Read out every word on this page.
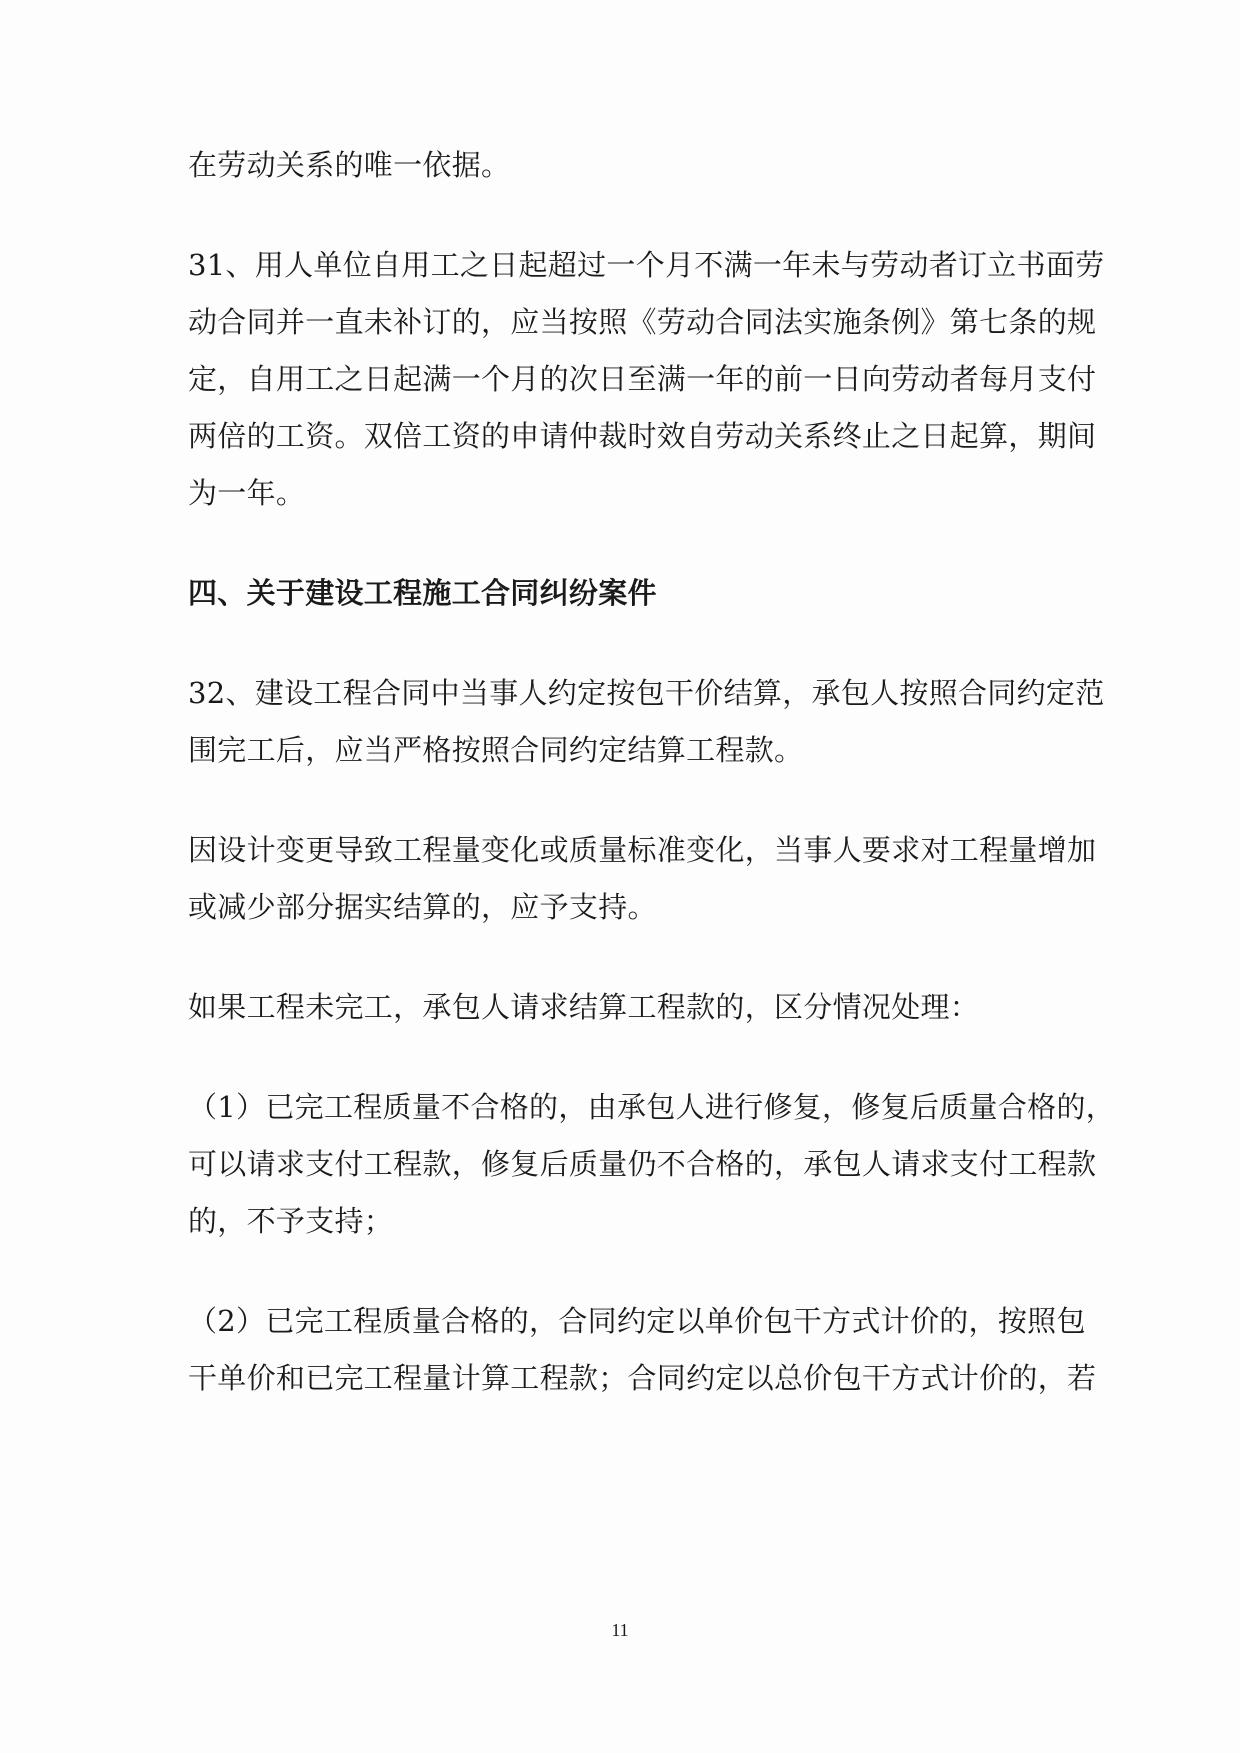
在劳动关系的唯一依据。
31、用人单位自用工之日起超过一个月不满一年未与劳动者订立书面劳
动合同并一直未补订的，应当按照《劳动合同法实施条例》第七条的规
定，自用工之日起满一个月的次日至满一年的前一日向劳动者每月支付
两倍的工资。双倍工资的申请仲裁时效自劳动关系终止之日起算，期间
为一年。
四、关于建设工程施工合同纠纷案件
32、建设工程合同中当事人约定按包干价结算，承包人按照合同约定范
围完工后，应当严格按照合同约定结算工程款。
因设计变更导致工程量变化或质量标准变化，当事人要求对工程量增加
或减少部分据实结算的，应予支持。
如果工程未完工，承包人请求结算工程款的，区分情况处理：
（1）已完工程质量不合格的，由承包人进行修复，修复后质量合格的，
可以请求支付工程款，修复后质量仍不合格的，承包人请求支付工程款
的，不予支持；
（2）已完工程质量合格的，合同约定以单价包干方式计价的，按照包
干单价和已完工程量计算工程款；合同约定以总价包干方式计价的，若
11
